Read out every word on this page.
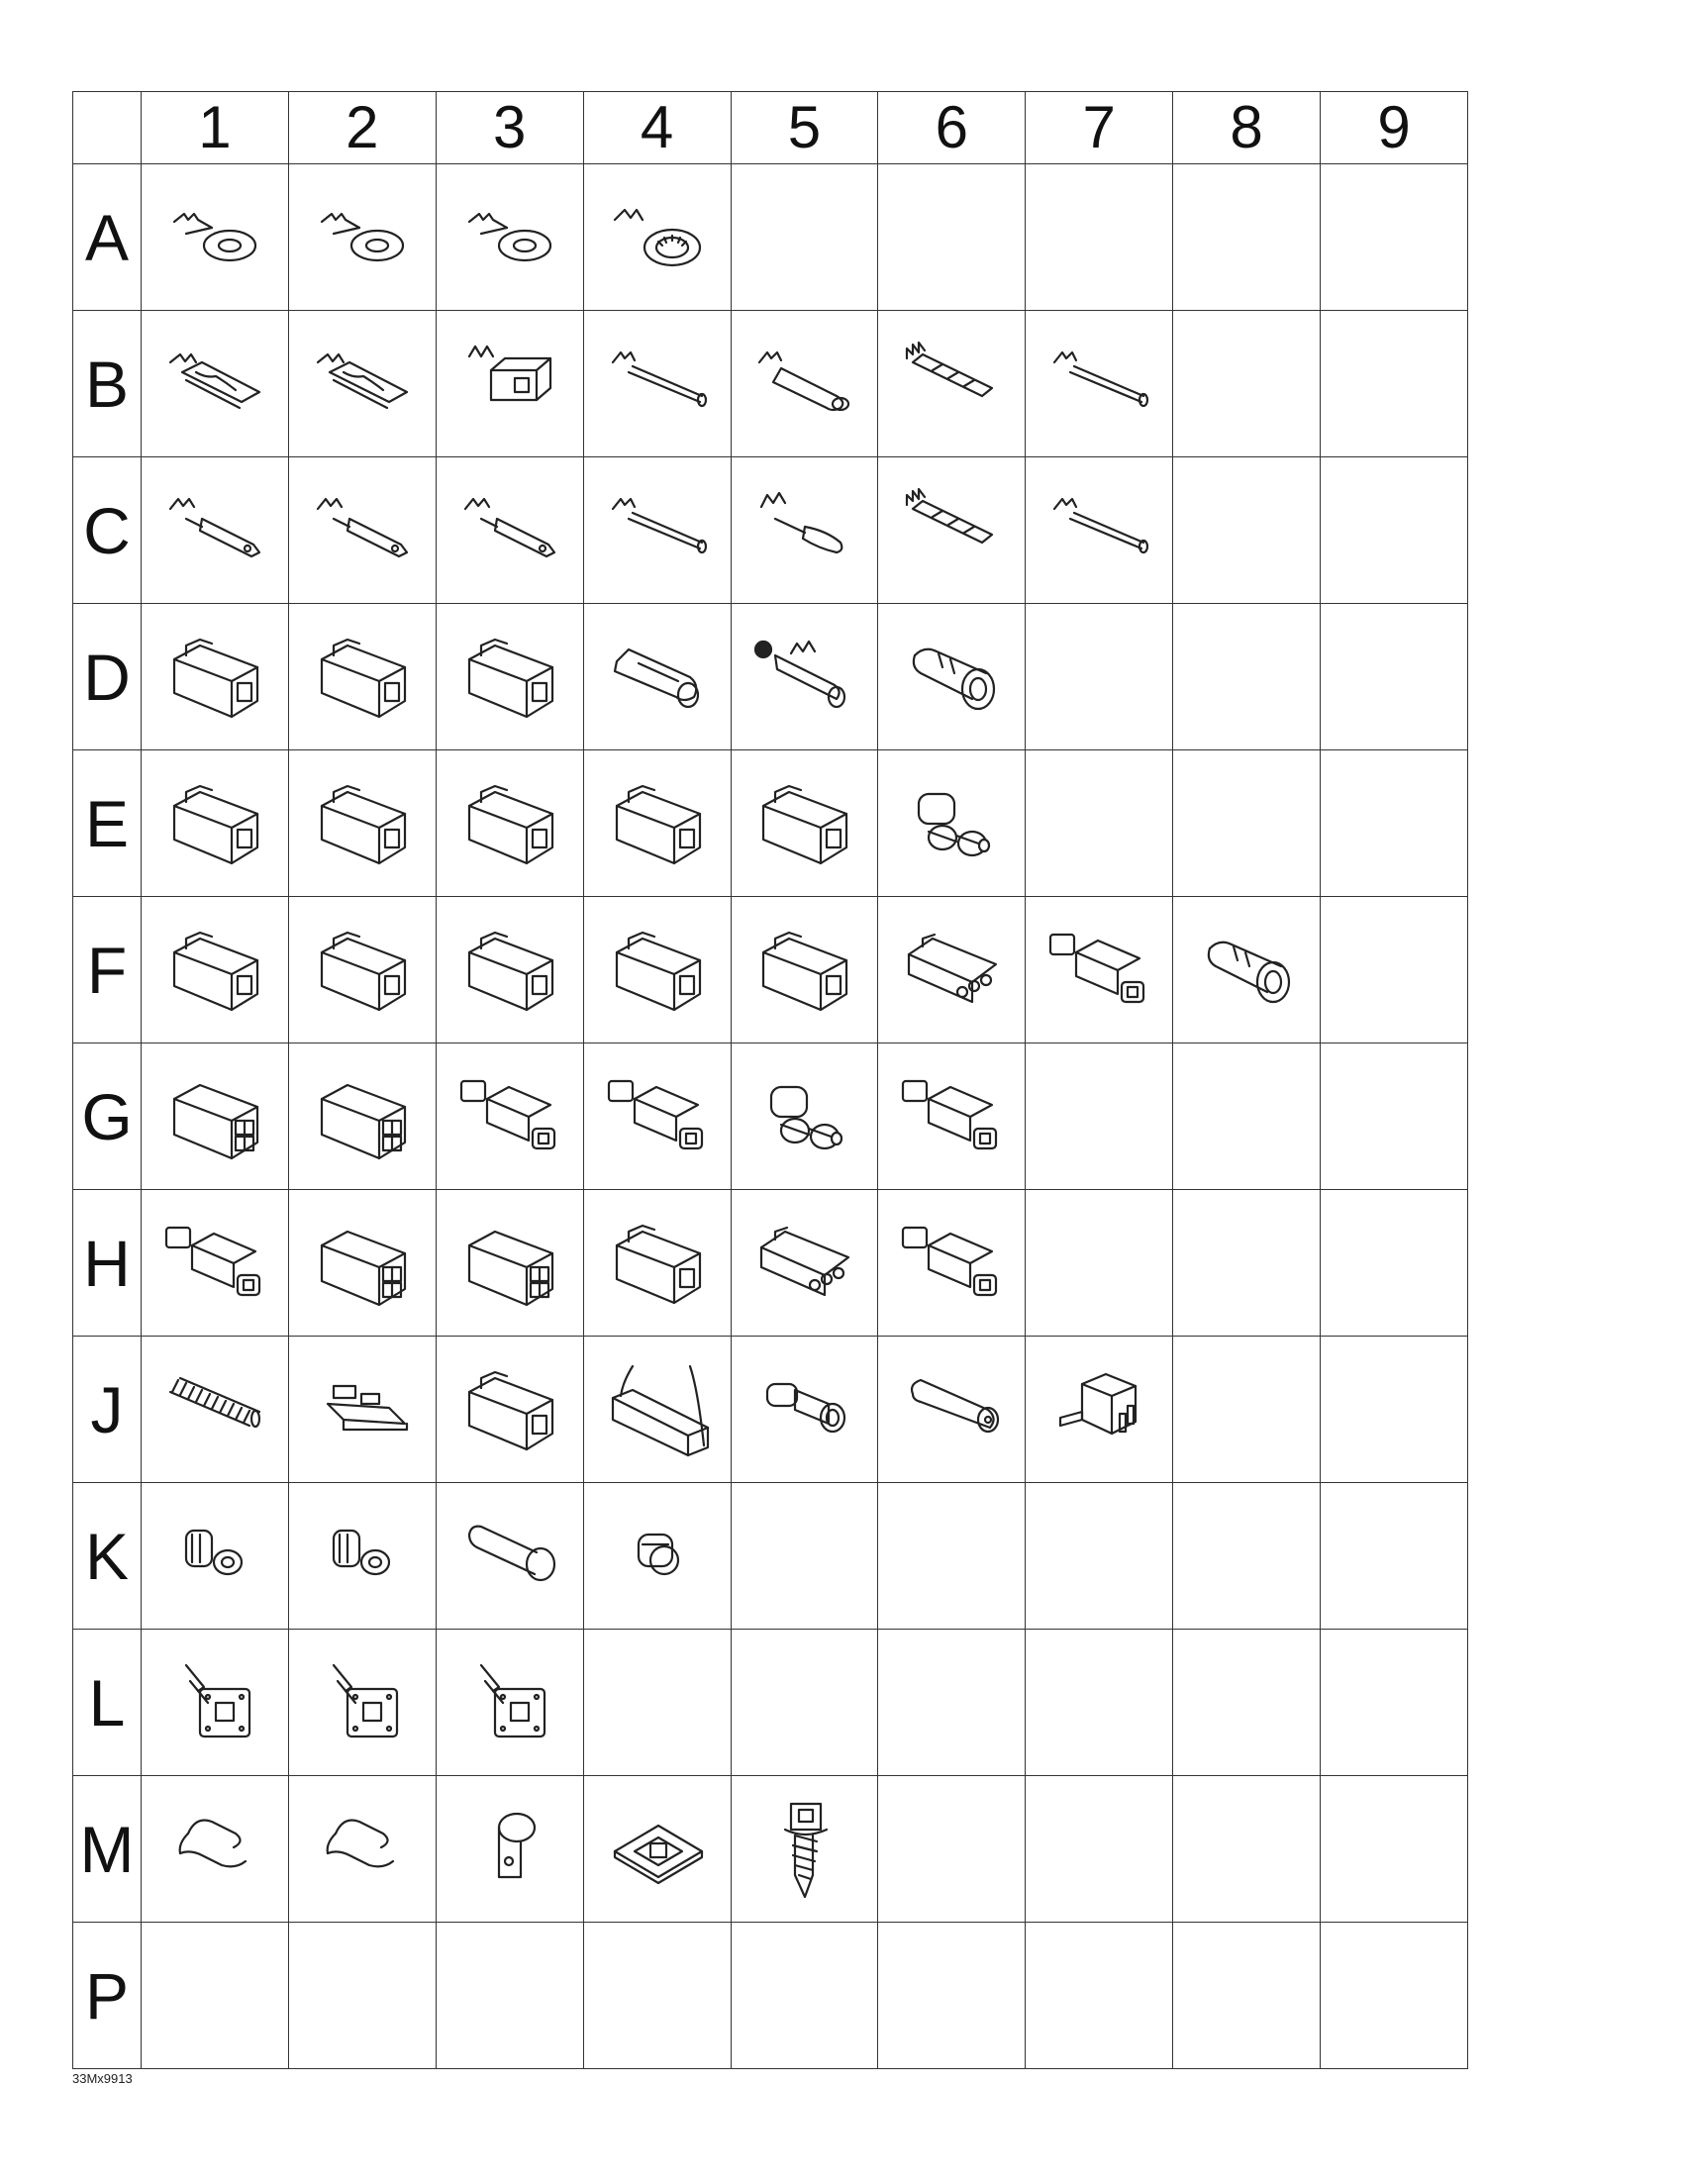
	1	2	3	4	5	6	7	8	9
A	

B	

C	

D	

E	

F	

G	

H	

J	

K	

L	

M	

P									
33Mx9913
